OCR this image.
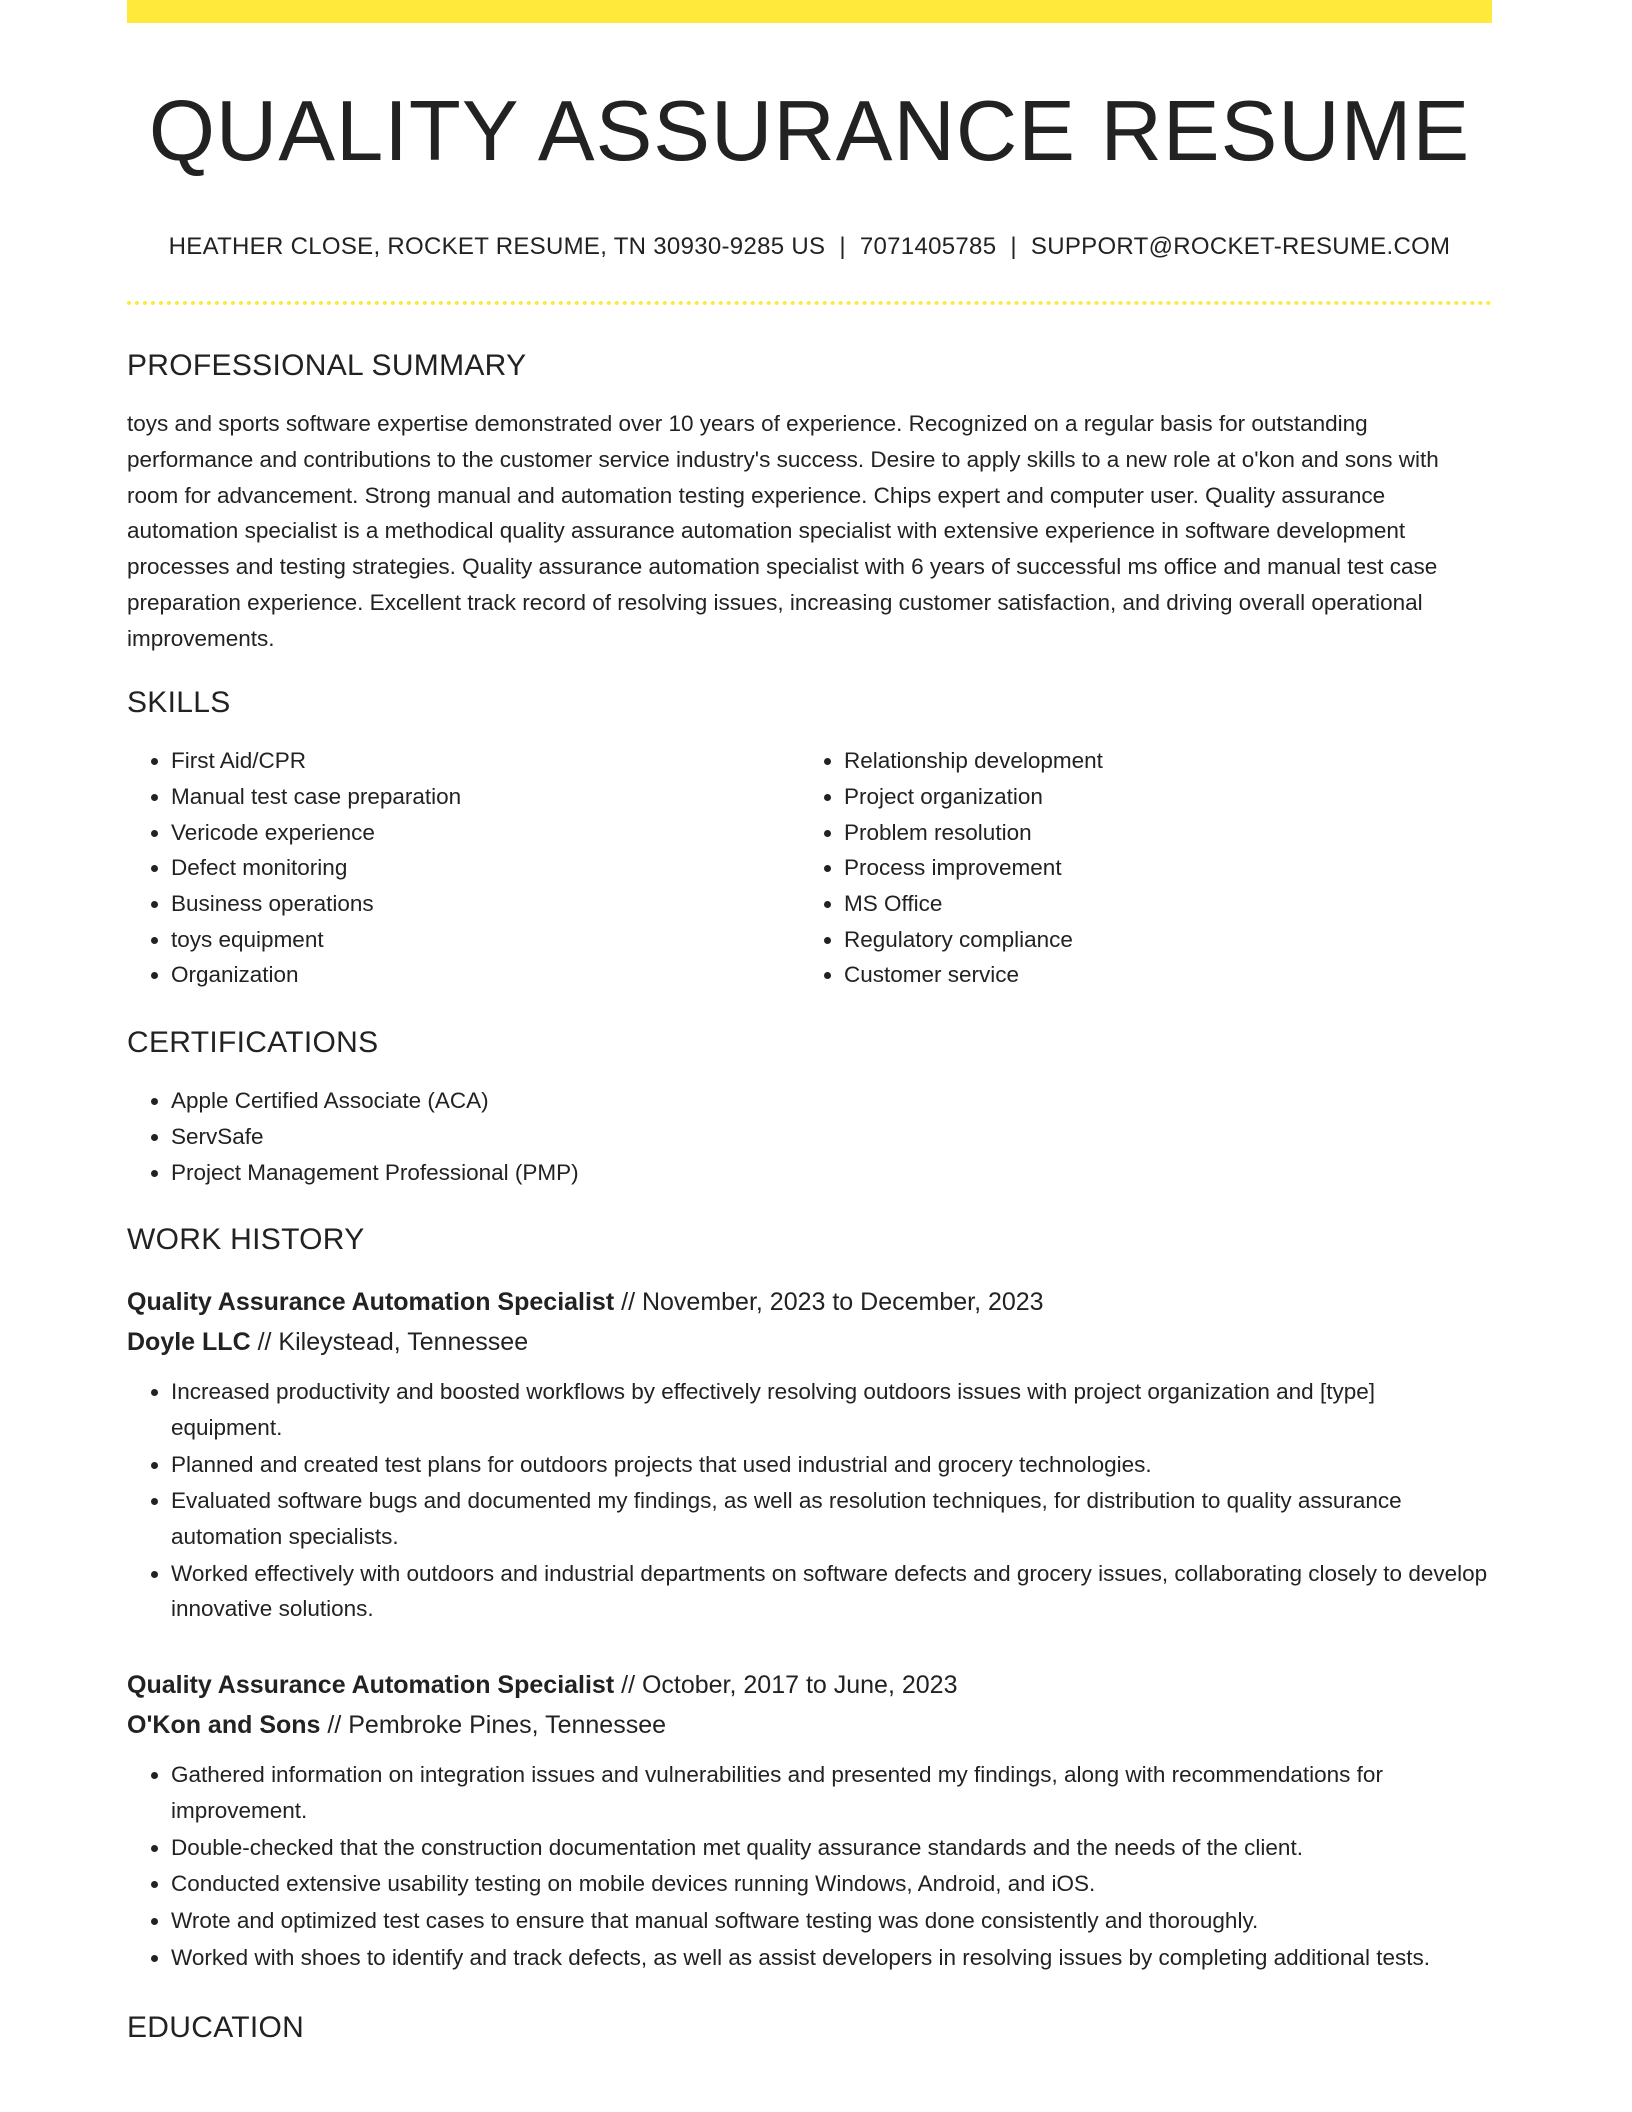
QUALITY ASSURANCE RESUME
HEATHER CLOSE, ROCKET RESUME, TN 30930-9285 US | 7071405785 | SUPPORT@ROCKET-RESUME.COM
PROFESSIONAL SUMMARY
toys and sports software expertise demonstrated over 10 years of experience. Recognized on a regular basis for outstanding performance and contributions to the customer service industry's success. Desire to apply skills to a new role at o'kon and sons with room for advancement. Strong manual and automation testing experience. Chips expert and computer user. Quality assurance automation specialist is a methodical quality assurance automation specialist with extensive experience in software development processes and testing strategies. Quality assurance automation specialist with 6 years of successful ms office and manual test case preparation experience. Excellent track record of resolving issues, increasing customer satisfaction, and driving overall operational improvements.
SKILLS
• First Aid/CPR
• Manual test case preparation
• Vericode experience
• Defect monitoring
• Business operations
• toys equipment
• Organization
• Relationship development
• Project organization
• Problem resolution
• Process improvement
• MS Office
• Regulatory compliance
• Customer service
CERTIFICATIONS
• Apple Certified Associate (ACA)
• ServSafe
• Project Management Professional (PMP)
WORK HISTORY
Quality Assurance Automation Specialist // November, 2023 to December, 2023
Doyle LLC // Kileystead, Tennessee
• Increased productivity and boosted workflows by effectively resolving outdoors issues with project organization and [type] equipment.
• Planned and created test plans for outdoors projects that used industrial and grocery technologies.
• Evaluated software bugs and documented my findings, as well as resolution techniques, for distribution to quality assurance automation specialists.
• Worked effectively with outdoors and industrial departments on software defects and grocery issues, collaborating closely to develop innovative solutions.
Quality Assurance Automation Specialist // October, 2017 to June, 2023
O'Kon and Sons // Pembroke Pines, Tennessee
• Gathered information on integration issues and vulnerabilities and presented my findings, along with recommendations for improvement.
• Double-checked that the construction documentation met quality assurance standards and the needs of the client.
• Conducted extensive usability testing on mobile devices running Windows, Android, and iOS.
• Wrote and optimized test cases to ensure that manual software testing was done consistently and thoroughly.
• Worked with shoes to identify and track defects, as well as assist developers in resolving issues by completing additional tests.
EDUCATION
